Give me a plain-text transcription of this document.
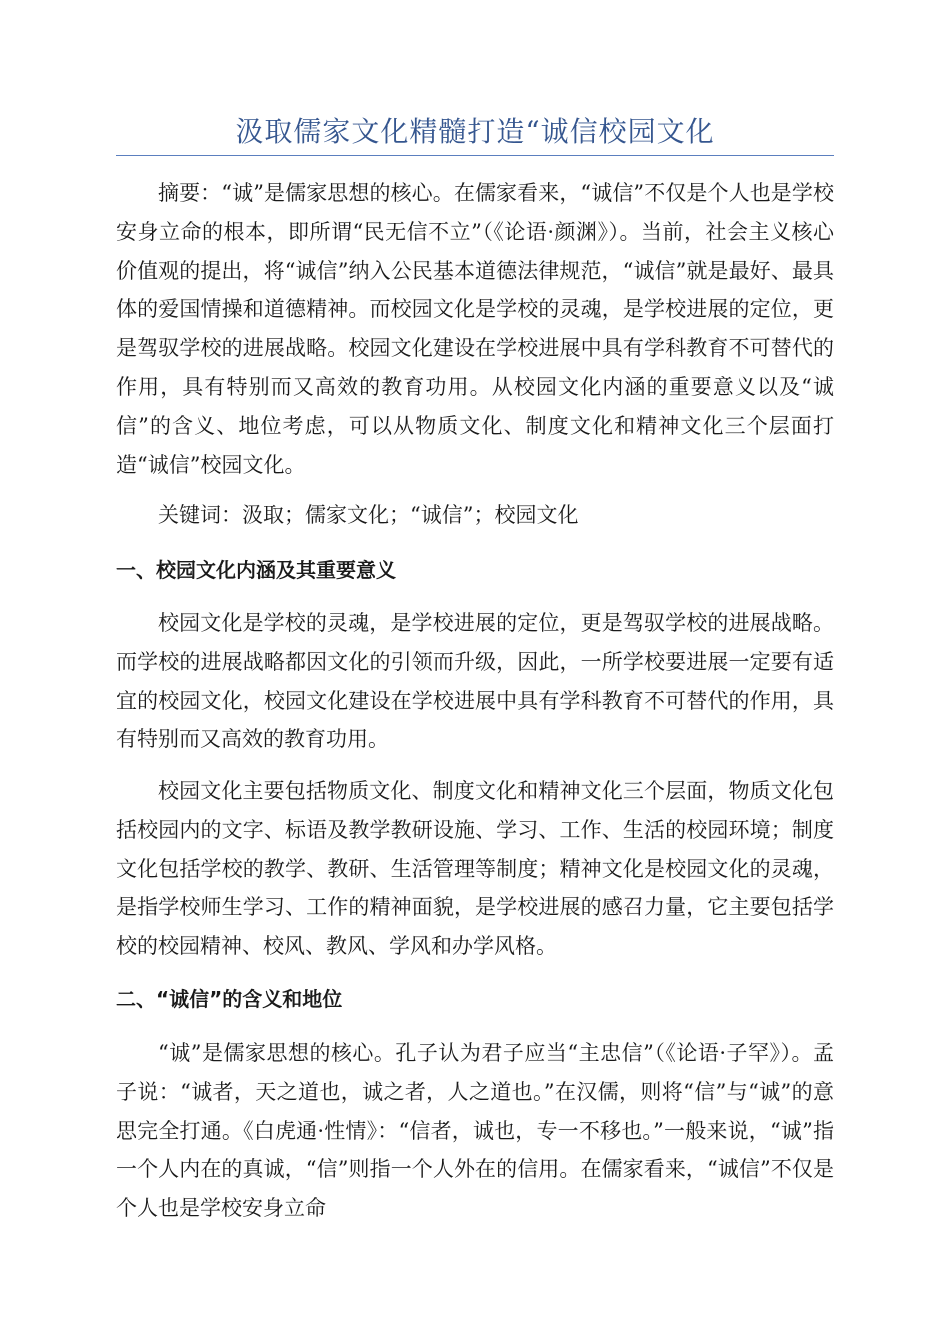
汲取儒家文化精髓打造“诚信校园文化

摘要：“诚”是儒家思想的核心。在儒家看来，“诚信”不仅是个人也是学校安身立命的根本，即所谓“民无信不立”（《论语·颜渊》）。当前，社会主义核心价值观的提出，将“诚信”纳入公民基本道德法律规范，“诚信”就是最好、最具体的爱国情操和道德精神。而校园文化是学校的灵魂，是学校进展的定位，更是驾驭学校的进展战略。校园文化建设在学校进展中具有学科教育不可替代的作用，具有特别而又高效的教育功用。从校园文化内涵的重要意义以及“诚信”的含义、地位考虑，可以从物质文化、制度文化和精神文化三个层面打造“诚信”校园文化。

关键词：汲取；儒家文化；“诚信”；校园文化

一、校园文化内涵及其重要意义

校园文化是学校的灵魂，是学校进展的定位，更是驾驭学校的进展战略。而学校的进展战略都因文化的引领而升级，因此，一所学校要进展一定要有适宜的校园文化，校园文化建设在学校进展中具有学科教育不可替代的作用，具有特别而又高效的教育功用。

校园文化主要包括物质文化、制度文化和精神文化三个层面，物质文化包括校园内的文字、标语及教学教研设施、学习、工作、生活的校园环境；制度文化包括学校的教学、教研、生活管理等制度；精神文化是校园文化的灵魂，是指学校师生学习、工作的精神面貌，是学校进展的感召力量，它主要包括学校的校园精神、校风、教风、学风和办学风格。

二、“诚信”的含义和地位

“诚”是儒家思想的核心。孔子认为君子应当“主忠信”（《论语·子罕》）。孟子说：“诚者，天之道也，诚之者，人之道也。”在汉儒，则将“信”与“诚”的意思完全打通。《白虎通·性情》：“信者，诚也，专一不移也。”一般来说，“诚”指一个人内在的真诚，“信”则指一个人外在的信用。在儒家看来，“诚信”不仅是个人也是学校安身立命
